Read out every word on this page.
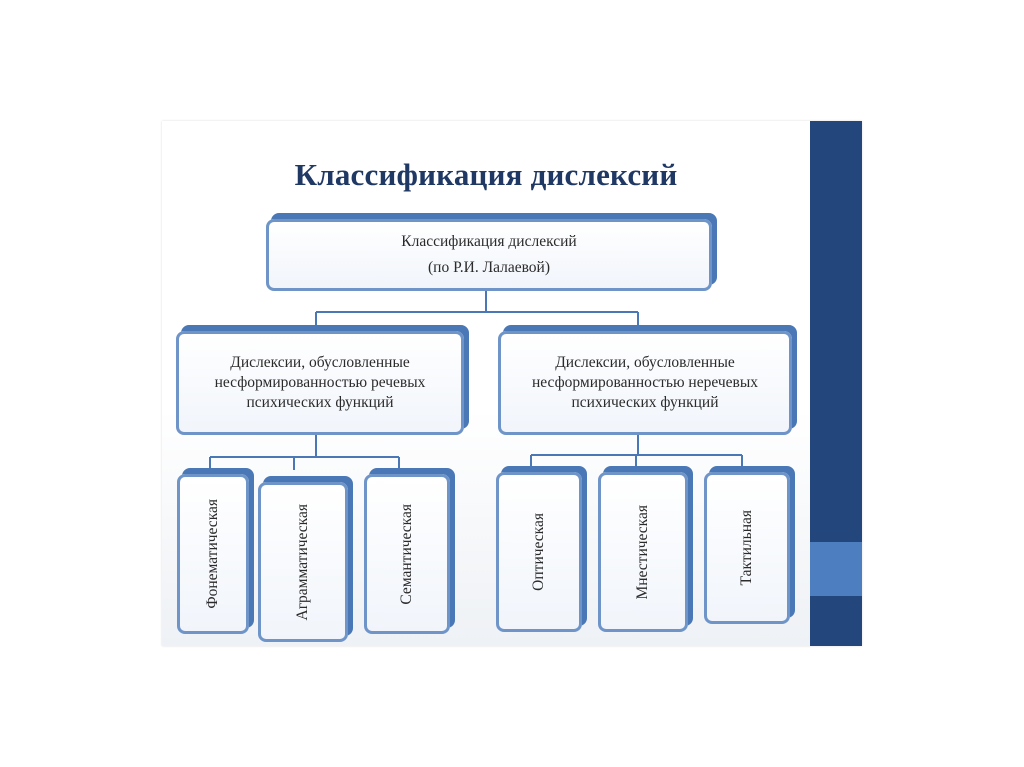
Классификация дислексий
Классификация дислексий
(по Р.И. Лалаевой)
Дислексии, обусловленные
несформированностью речевых
психических функций
Дислексии, обусловленные
несформированностью неречевых
психических функций
Фонематическая	Аграмматическая	Семантическая	Оптическая	Мнестическая	Тактильная
